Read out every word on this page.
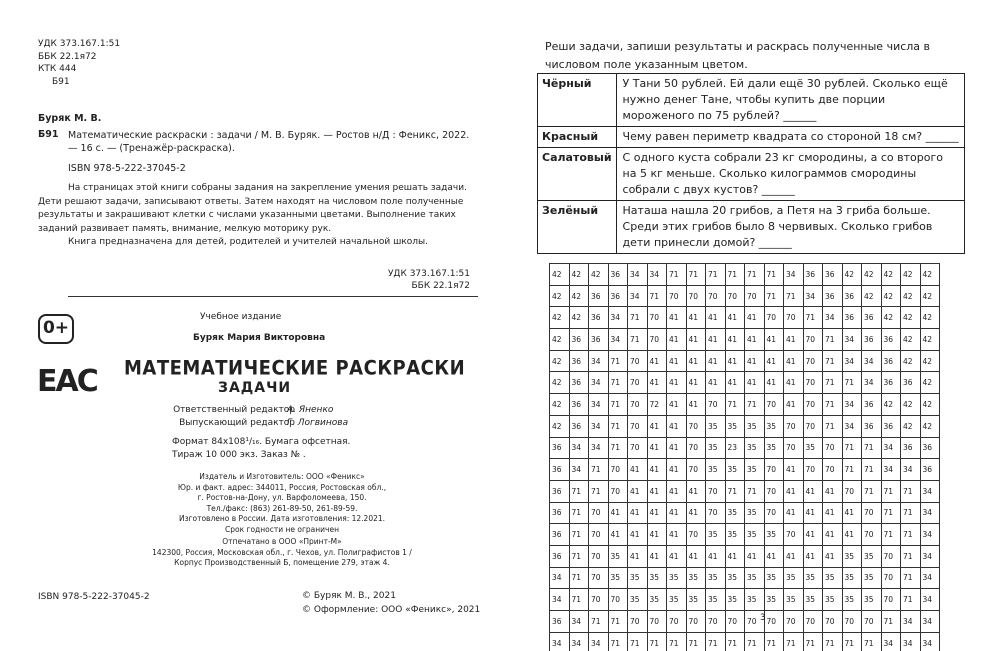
УДК 373.167.1:51
ББК 22.1я72
КТК 444
Б91
Буряк М. В.
Б91 Математические раскраски : задачи / М. В. Буряк. — Ростов н/Д : Феникс, 2022. — 16 с. — (Тренажёр-раскраска).
ISBN 978-5-222-37045-2

На страницах этой книги собраны задания на закрепление умения решать задачи. Дети решают задачи, записывают ответы. Затем находят на числовом поле полученные результаты и закрашивают клетки с числами указанными цветами. Выполнение таких заданий развивает память, внимание, мелкую моторику рук.

Книга предназначена для детей, родителей и учителей начальной школы.

УДК 373.167.1:51
ББК 22.1я72
0+
ЕАС
Учебное издание
Буряк Мария Викторовна
МАТЕМАТИЧЕСКИЕ РАСКРАСКИ
ЗАДАЧИ
Ответственный редактор
Выпускающий редактор
А. Яненко
Г. Логвинова
Формат 84x108¹/₁₆. Бумага офсетная.
Тираж 10 000 экз. Заказ № .
Издатель и Изготовитель: ООО «Феникс»
Юр. и факт. адрес: 344011, Россия, Ростовская обл.,
г. Ростов-на-Дону, ул. Варфоломеева, 150.
Тел./факс: (863) 261-89-50, 261-89-59.
Изготовлено в России. Дата изготовления: 12.2021.
Срок годности не ограничен
Отпечатано в ООО «Принт-М»
142300, Россия, Московская обл., г. Чехов, ул. Полиграфистов 1 /
Корпус Производственный Б, помещение 279, этаж 4.
ISBN 978-5-222-37045-2	© Буряк М. В., 2021
© Оформление: ООО «Феникс», 2021
Реши задачи, запиши результаты и раскрась полученные числа в числовом поле указанным цветом.
Чёрный	У Тани 50 рублей. Ей дали ещё 30 рублей. Сколько ещё нужно денег Тане, чтобы купить две порции мороженого по 75 рублей? ______
Красный	Чему равен периметр квадрата со стороной 18 см? ______
Салатовый	С одного куста собрали 23 кг смородины, а со второго на 5 кг меньше. Сколько килограммов смородины собрали с двух кустов? ______
Зелёный	Наташа нашла 20 грибов, а Петя на 3 гриба больше. Среди этих грибов было 8 червивых. Сколько грибов дети принесли домой? ______
42	42	42	36	34	34	71	71	71	71	71	71	34	36	36	42	42	42	42	42
42	42	36	36	34	71	70	70	70	70	70	71	71	34	36	36	42	42	42	42
42	42	36	34	71	70	41	41	41	41	41	70	70	71	34	36	36	42	42	42
42	36	36	34	71	70	41	41	41	41	41	41	41	70	71	34	36	36	42	42
42	36	34	71	70	41	41	41	41	41	41	41	41	70	71	34	34	36	42	42
42	36	34	71	70	41	41	41	41	41	41	41	41	70	71	71	34	36	36	42
42	36	34	71	70	72	41	41	70	71	71	70	41	70	71	34	36	42	42	42
42	36	34	71	70	41	41	70	35	35	35	35	70	70	71	34	36	36	42	42
36	34	34	71	70	41	41	70	35	23	35	35	70	35	70	71	71	34	36	36
36	34	71	70	41	41	41	70	35	35	35	70	41	70	70	71	71	34	34	36
36	71	71	70	41	41	41	41	70	71	71	70	41	41	41	70	71	71	71	34
36	71	70	41	41	41	41	41	70	35	35	70	41	41	41	41	70	71	71	34
36	71	70	41	41	41	41	70	35	35	35	35	70	41	41	41	70	71	71	34
36	71	70	35	41	41	41	41	41	41	41	41	41	41	41	35	35	70	71	34
34	71	70	35	35	35	35	35	35	35	35	35	35	35	35	35	35	70	71	34
34	71	70	70	35	35	35	35	35	35	35	35	35	35	35	35	35	70	71	34
36	34	71	71	70	70	70	70	70	70	70	70	70	70	70	70	70	71	34	34
34	34	34	71	71	71	71	71	71	71	71	71	71	71	71	71	71	34	34	34
3
